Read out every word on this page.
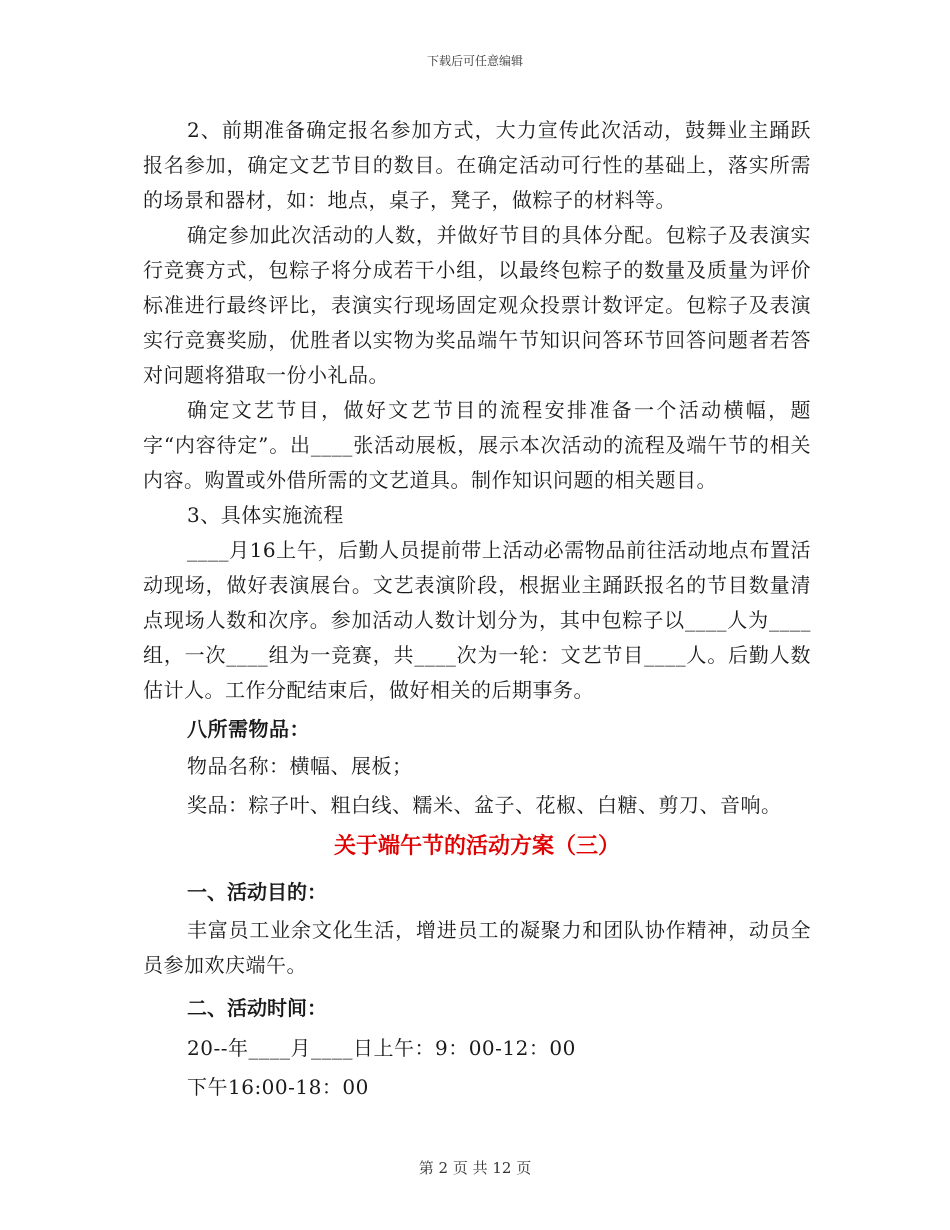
下载后可任意编辑

2、前期准备确定报名参加方式，大力宣传此次活动，鼓舞业主踊跃报名参加，确定文艺节目的数目。在确定活动可行性的基础上，落实所需的场景和器材，如：地点，桌子，凳子，做粽子的材料等。

确定参加此次活动的人数，并做好节目的具体分配。包粽子及表演实行竞赛方式，包粽子将分成若干小组，以最终包粽子的数量及质量为评价标准进行最终评比，表演实行现场固定观众投票计数评定。包粽子及表演实行竞赛奖励，优胜者以实物为奖品端午节知识问答环节回答问题者若答对问题将猎取一份小礼品。

确定文艺节目，做好文艺节目的流程安排准备一个活动横幅，题字“内容待定”。出____张活动展板，展示本次活动的流程及端午节的相关内容。购置或外借所需的文艺道具。制作知识问题的相关题目。

3、具体实施流程

____月16上午，后勤人员提前带上活动必需物品前往活动地点布置活动现场，做好表演展台。文艺表演阶段，根据业主踊跃报名的节目数量清点现场人数和次序。参加活动人数计划分为，其中包粽子以____人为____组，一次____组为一竞赛，共____次为一轮：文艺节目____人。后勤人数估计人。工作分配结束后，做好相关的后期事务。

八所需物品：

物品名称：横幅、展板；

奖品：粽子叶、粗白线、糯米、盆子、花椒、白糖、剪刀、音响。

关于端午节的活动方案（三）

一、活动目的：

丰富员工业余文化生活，增进员工的凝聚力和团队协作精神，动员全员参加欢庆端午。

二、活动时间：

20--年____月____日上午：9：00-12：00

下午16:00-18：00

第 2 页 共 12 页
